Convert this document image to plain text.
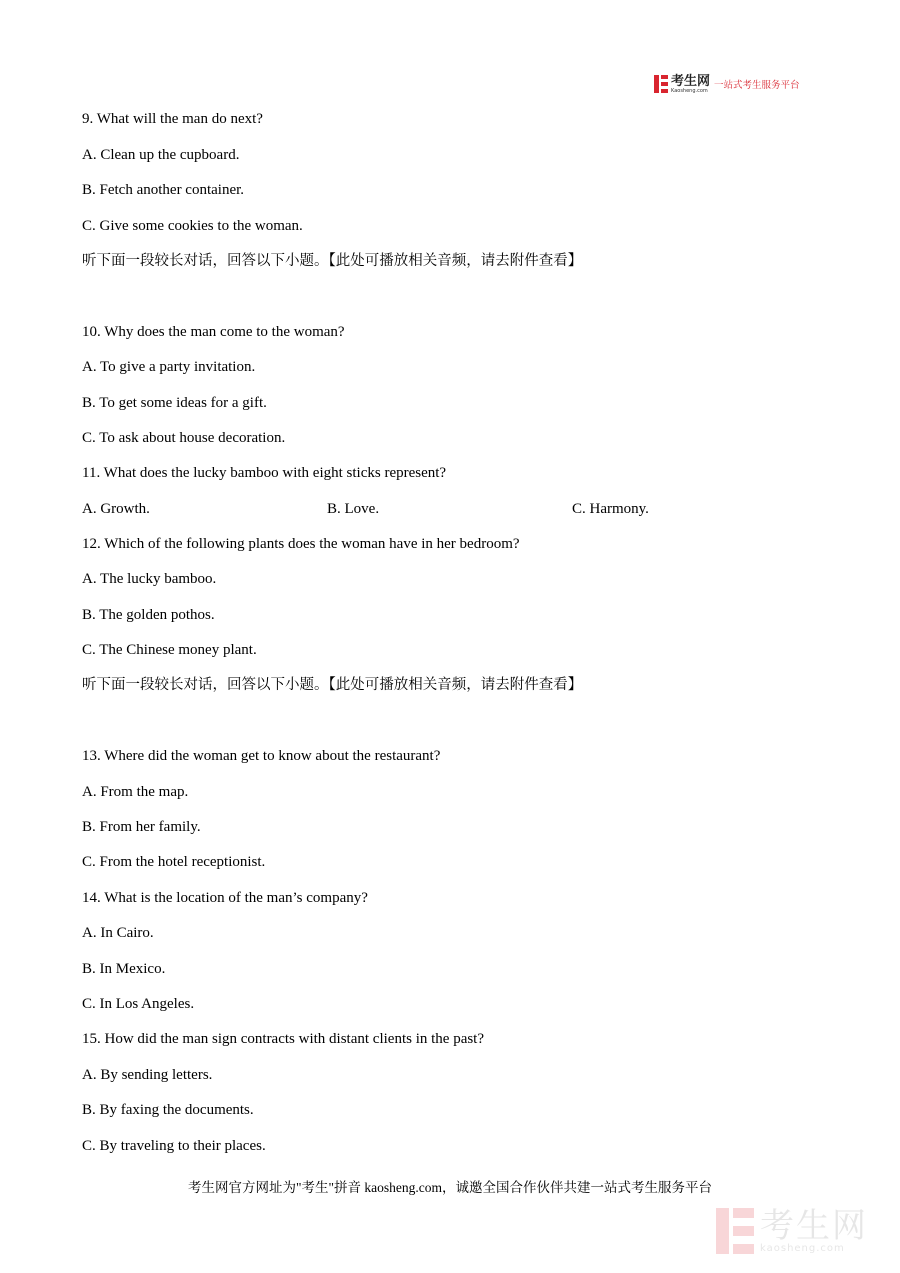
考生网
Kaosheng.com 一站式考生服务平台
9. What will the man do next?
A. Clean up the cupboard.
B. Fetch another container.
C. Give some cookies to the woman.
听下面一段较长对话，回答以下小题。【此处可播放相关音频，请去附件查看】
10. Why does the man come to the woman?
A. To give a party invitation.
B. To get some ideas for a gift.
C. To ask about house decoration.
11. What does the lucky bamboo with eight sticks represent?
A. Growth.	B. Love.	C. Harmony.
12. Which of the following plants does the woman have in her bedroom?
A. The lucky bamboo.
B. The golden pothos.
C. The Chinese money plant.
听下面一段较长对话，回答以下小题。【此处可播放相关音频，请去附件查看】
13. Where did the woman get to know about the restaurant?
A. From the map.
B. From her family.
C. From the hotel receptionist.
14. What is the location of the man’s company?
A. In Cairo.
B. In Mexico.
C. In Los Angeles.
15. How did the man sign contracts with distant clients in the past?
A. By sending letters.
B. By faxing the documents.
C. By traveling to their places.
考生网官方网址为"考生"拼音 kaosheng.com，诚邀全国合作伙伴共建一站式考生服务平台
考生网
kaosheng.com
